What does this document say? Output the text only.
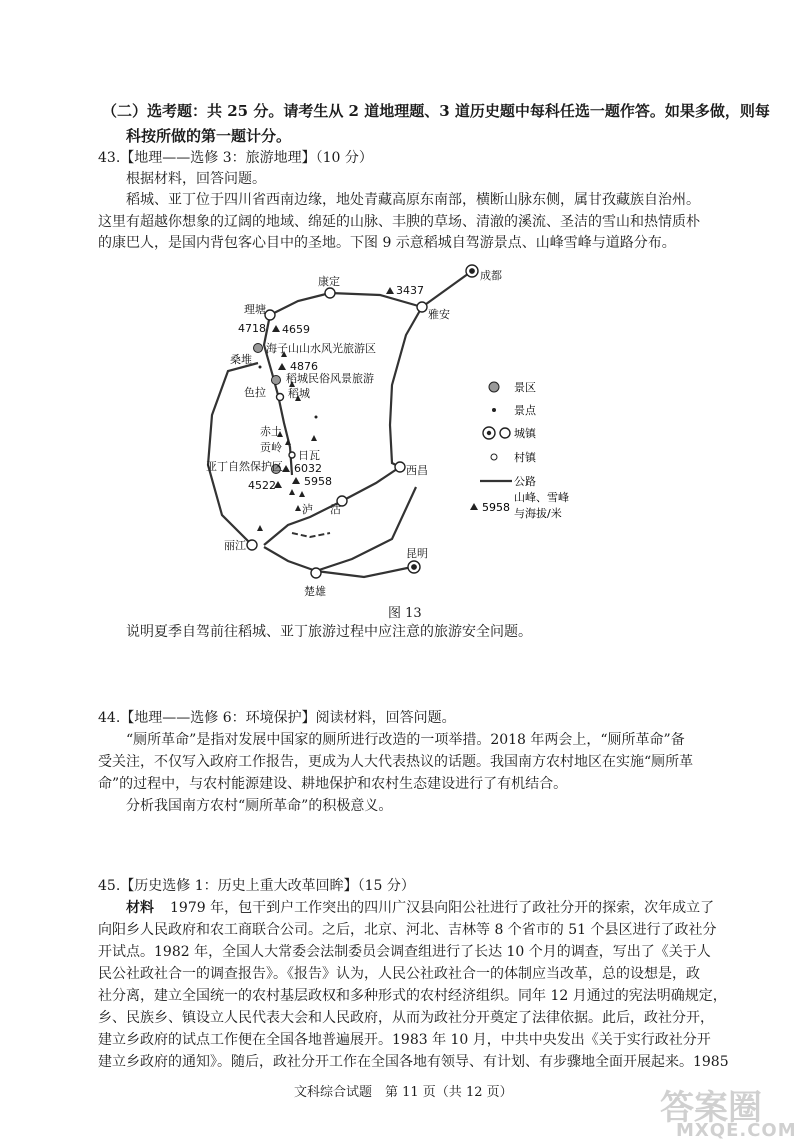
（二）选考题：共 25 分。请考生从 2 道地理题、3 道历史题中每科任选一题作答。如果多做，则每
科按所做的第一题计分。
43.【地理——选修 3：旅游地理】（10 分）
根据材料，回答问题。
稻城、亚丁位于四川省西南边缘，地处青藏高原东南部，横断山脉东侧，属甘孜藏族自治州。
这里有超越你想象的辽阔的地域、绵延的山脉、丰腴的草场、清澈的溪流、圣洁的雪山和热情质朴
的康巴人，是国内背包客心目中的圣地。下图 9 示意稻城自驾游景点、山峰雪峰与道路分布。
成都
康定
雅安
理塘
西昌
丽江
昆明
楚雄
泸 沽
3437
4659
4718
海子山山水风光旅游区
桑堆
4876
稻城民俗风景旅游
色拉 稻城
赤土
贡岭
日瓦
亚丁自然保护区 6032
5958
4522
景区
景点
城镇
村镇
公路
5958
山峰、雪峰
与海拔/米
图 13
说明夏季自驾前往稻城、亚丁旅游过程中应注意的旅游安全问题。
44.【地理——选修 6：环境保护】阅读材料，回答问题。
“厕所革命”是指对发展中国家的厕所进行改造的一项举措。2018 年两会上，“厕所革命”备
受关注，不仅写入政府工作报告，更成为人大代表热议的话题。我国南方农村地区在实施“厕所革
命”的过程中，与农村能源建设、耕地保护和农村生态建设进行了有机结合。
分析我国南方农村“厕所革命”的积极意义。
45.【历史选修 1：历史上重大改革回眸】（15 分）
材料 1979 年，包干到户工作突出的四川广汉县向阳公社进行了政社分开的探索，次年成立了
向阳乡人民政府和农工商联合公司。之后，北京、河北、吉林等 8 个省市的 51 个县区进行了政社分
开试点。1982 年，全国人大常委会法制委员会调查组进行了长达 10 个月的调查，写出了《关于人
民公社政社合一的调查报告》。《报告》认为，人民公社政社合一的体制应当改革，总的设想是，政
社分离，建立全国统一的农村基层政权和多种形式的农村经济组织。同年 12 月通过的宪法明确规定，
乡、民族乡、镇设立人民代表大会和人民政府，从而为政社分开奠定了法律依据。此后，政社分开，
建立乡政府的试点工作便在全国各地普遍展开。1983 年 10 月，中共中央发出《关于实行政社分开
建立乡政府的通知》。随后，政社分开工作在全国各地有领导、有计划、有步骤地全面开展起来。1985
文科综合试题　第 11 页（共 12 页）	答案圈
MXQE.COM
